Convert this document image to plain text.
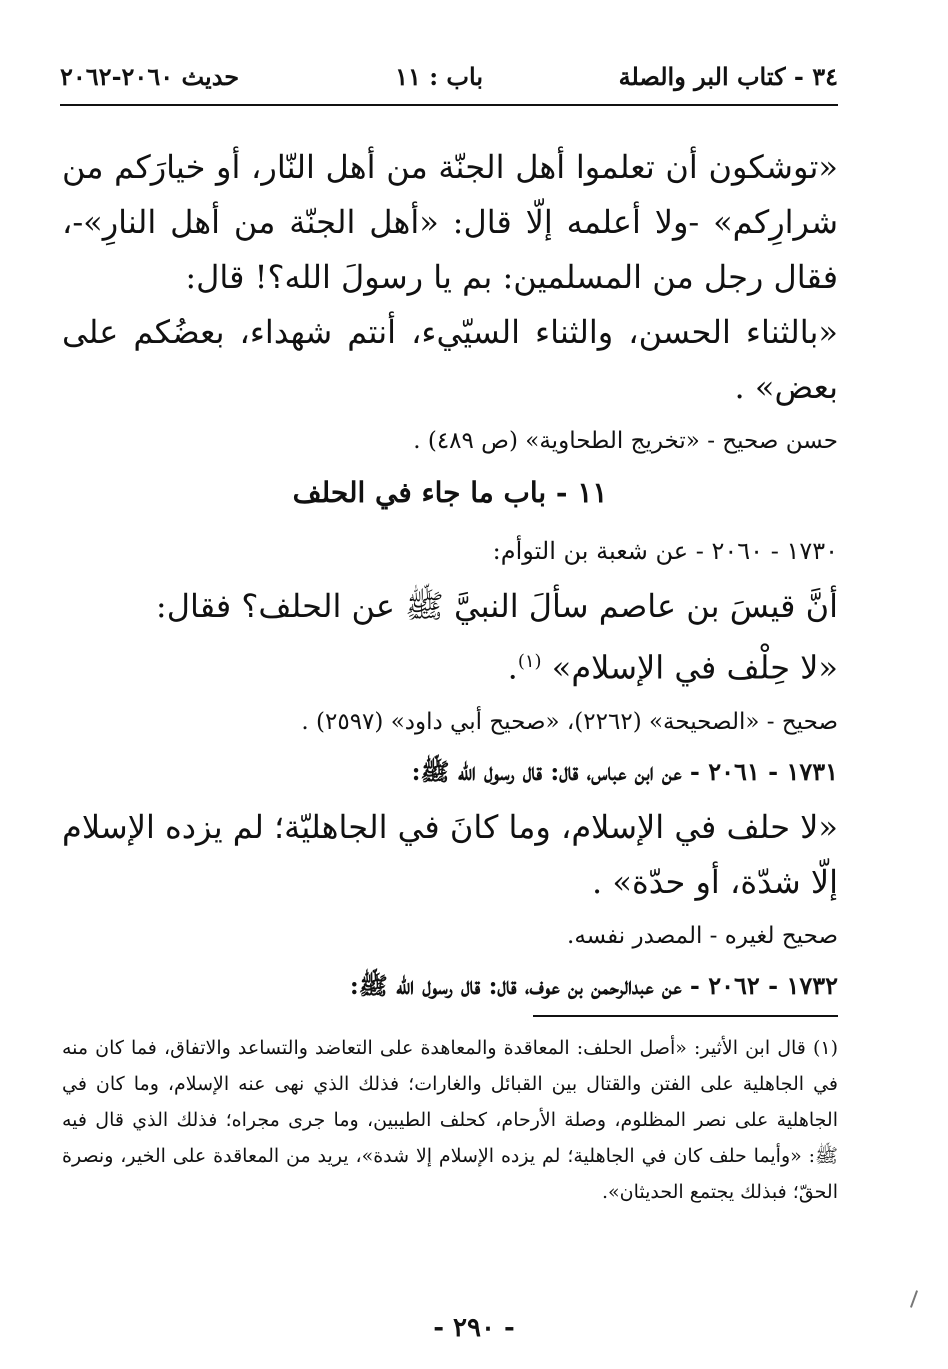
٣٤ - كتاب البر والصلة
باب : ١١
حديث ٢٠٦٠-٢٠٦٢

«توشكون أن تعلموا أهل الجنّة من أهل النّار، أو خيارَكم من شرارِكم» -ولا أعلمه إلّا قال: «أهل الجنّة من أهل النارِ»-، فقال رجل من المسلمين: بم يا رسولَ الله؟! قال:

«بالثناء الحسن، والثناء السيّيء، أنتم شهداء، بعضُكم على بعض» .

حسن صحيح - «تخريج الطحاوية» (ص ٤٨٩) .

١١ - باب ما جاء في الحلف

١٧٣٠ - ٢٠٦٠ - عن شعبة بن التوأم:

أنَّ قيسَ بن عاصم سألَ النبيَّ ﷺ عن الحلف؟ فقال:

«لا حِلْف في الإسلام» $^{(١)}$.

صحيح - «الصحيحة» (٢٢٦٢)، «صحيح أبي داود» (٢٥٩٧) .

١٧٣١ - ٢٠٦١ - عن ابن عباس، قال: قال رسول الله ﷺ:

«لا حلف في الإسلام، وما كانَ في الجاهليّة؛ لم يزده الإسلام إلّا شدّة، أو حدّة» .

صحيح لغيره - المصدر نفسه.

١٧٣٢ - ٢٠٦٢ - عن عبدالرحمن بن عوف، قال: قال رسول الله ﷺ:

(١) قال ابن الأثير: «أصل الحلف: المعاقدة والمعاهدة على التعاضد والتساعد والاتفاق، فما كان منه في الجاهلية على الفتن والقتال بين القبائل والغارات؛ فذلك الذي نهى عنه الإسلام، وما كان في الجاهلية على نصر المظلوم، وصلة الأرحام، كحلف الطيبين، وما جرى مجراه؛ فذلك الذي قال فيه ﷺ: «وأيما حلف كان في الجاهلية؛ لم يزده الإسلام إلا شدة»، يريد من المعاقدة على الخير، ونصرة الحقّ؛ فبذلك يجتمع الحديثان».

- ٢٩٠ -
